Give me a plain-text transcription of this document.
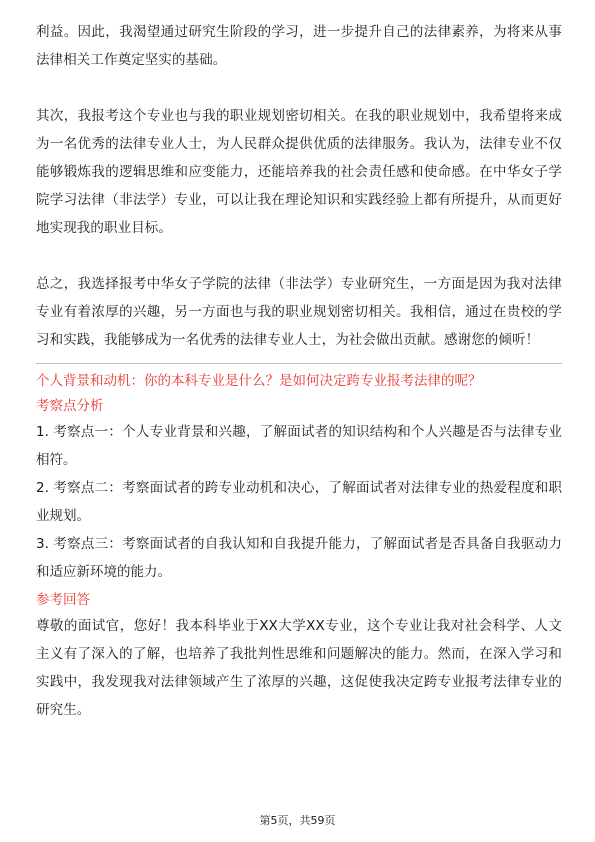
利益。因此，我渴望通过研究生阶段的学习，进一步提升自己的法律素养，为将来从事法律相关工作奠定坚实的基础。

其次，我报考这个专业也与我的职业规划密切相关。在我的职业规划中，我希望将来成为一名优秀的法律专业人士，为人民群众提供优质的法律服务。我认为，法律专业不仅能够锻炼我的逻辑思维和应变能力，还能培养我的社会责任感和使命感。在中华女子学院学习法律（非法学）专业，可以让我在理论知识和实践经验上都有所提升，从而更好地实现我的职业目标。

总之，我选择报考中华女子学院的法律（非法学）专业研究生，一方面是因为我对法律专业有着浓厚的兴趣，另一方面也与我的职业规划密切相关。我相信，通过在贵校的学习和实践，我能够成为一名优秀的法律专业人士，为社会做出贡献。感谢您的倾听！

个人背景和动机：你的本科专业是什么？是如何决定跨专业报考法律的呢？

考察点分析

1. 考察点一：个人专业背景和兴趣，了解面试者的知识结构和个人兴趣是否与法律专业相符。

2. 考察点二：考察面试者的跨专业动机和决心，了解面试者对法律专业的热爱程度和职业规划。

3. 考察点三：考察面试者的自我认知和自我提升能力，了解面试者是否具备自我驱动力和适应新环境的能力。

参考回答

尊敬的面试官，您好！我本科毕业于XX大学XX专业，这个专业让我对社会科学、人文主义有了深入的了解，也培养了我批判性思维和问题解决的能力。然而，在深入学习和实践中，我发现我对法律领域产生了浓厚的兴趣，这促使我决定跨专业报考法律专业的研究生。

第5页，共59页
